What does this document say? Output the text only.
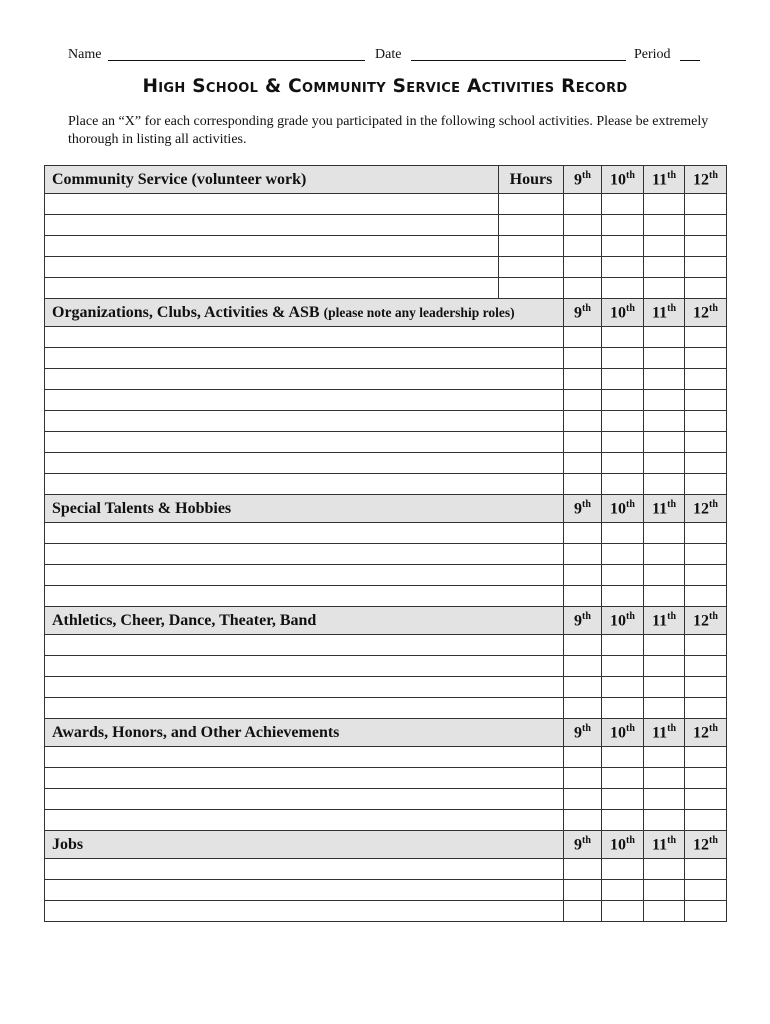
Name	Date	Period
High School & Community Service Activities Record

Place an “X” for each corresponding grade you participated in the following school activities. Please be extremely thorough in listing all activities.

Community Service (volunteer work)	Hours	9th	10th	11th	12th

Organizations, Clubs, Activities & ASB (please note any leadership roles)		9th	10th	11th	12th

Special Talents & Hobbies		9th	10th	11th	12th

Athletics, Cheer, Dance, Theater, Band		9th	10th	11th	12th

Awards, Honors, and Other Achievements		9th	10th	11th	12th

Jobs		9th	10th	11th	12th
